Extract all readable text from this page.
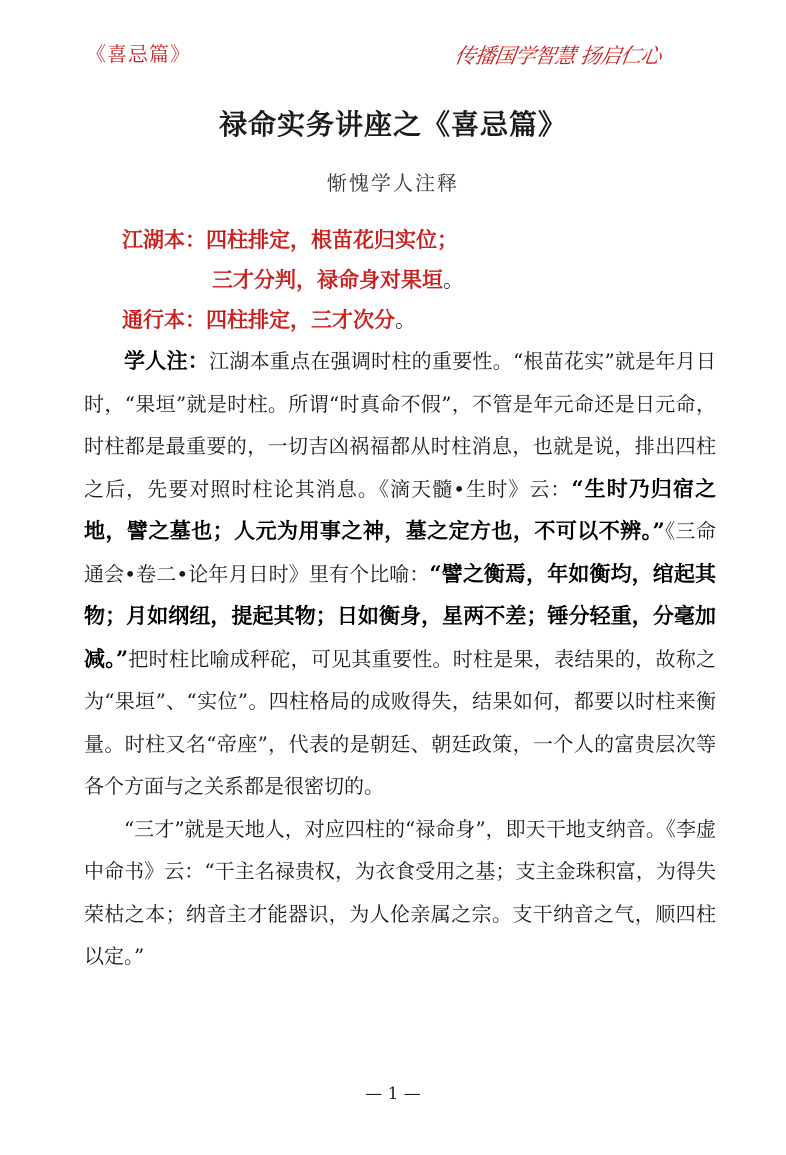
《喜忌篇》	传播国学智慧 扬启仁心
禄命实务讲座之《喜忌篇》
惭愧学人注释
江湖本：四柱排定，根苗花归实位；
三才分判，禄命身对果垣。
通行本：四柱排定，三才次分。

学人注：江湖本重点在强调时柱的重要性。“根苗花实”就是年月日时，“果垣”就是时柱。所谓“时真命不假”，不管是年元命还是日元命，时柱都是最重要的，一切吉凶祸福都从时柱消息，也就是说，排出四柱之后，先要对照时柱论其消息。《滴天髓•生时》云：“生时乃归宿之地，譬之墓也；人元为用事之神，墓之定方也，不可以不辨。”《三命通会•卷二•论年月日时》里有个比喻：“譬之衡焉，年如衡均，绾起其物；月如纲纽，提起其物；日如衡身，星两不差；锤分轻重，分毫加减。”把时柱比喻成秤砣，可见其重要性。时柱是果，表结果的，故称之为“果垣”、“实位”。四柱格局的成败得失，结果如何，都要以时柱来衡量。时柱又名“帝座”，代表的是朝廷、朝廷政策，一个人的富贵层次等各个方面与之关系都是很密切的。

“三才”就是天地人，对应四柱的“禄命身”，即天干地支纳音。《李虚中命书》云：“干主名禄贵权，为衣食受用之基；支主金珠积富，为得失荣枯之本；纳音主才能器识，为人伦亲属之宗。支干纳音之气，顺四柱以定。”

— 1 —
